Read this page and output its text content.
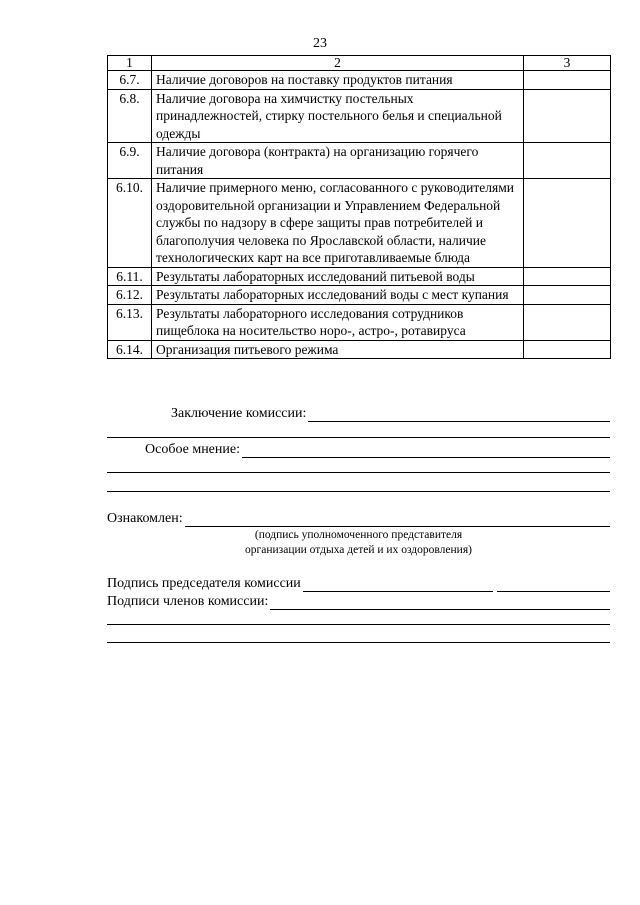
23
1	2	3
6.7.	Наличие договоров на поставку продуктов питания	
6.8.	Наличие договора на химчистку постельных принадлежностей, стирку постельного белья и специальной одежды	
6.9.	Наличие договора (контракта) на организацию горячего питания	
6.10.	Наличие примерного меню, согласованного с руководителями оздоровительной организации и Управлением Федеральной службы по надзору в сфере защиты прав потребителей и благополучия человека по Ярославской области, наличие технологических карт на все приготавливаемые блюда	
6.11.	Результаты лабораторных исследований питьевой воды	
6.12.	Результаты лабораторных исследований воды с мест купания	
6.13.	Результаты лабораторного исследования сотрудников пищеблока на носительство норо-, астро-, ротавируса	
6.14.	Организация питьевого режима	
Заключение комиссии:
Особое мнение:
Ознакомлен:
(подпись уполномоченного представителя
организации отдыха детей и их оздоровления)
Подпись председателя комиссии
Подписи членов комиссии:
